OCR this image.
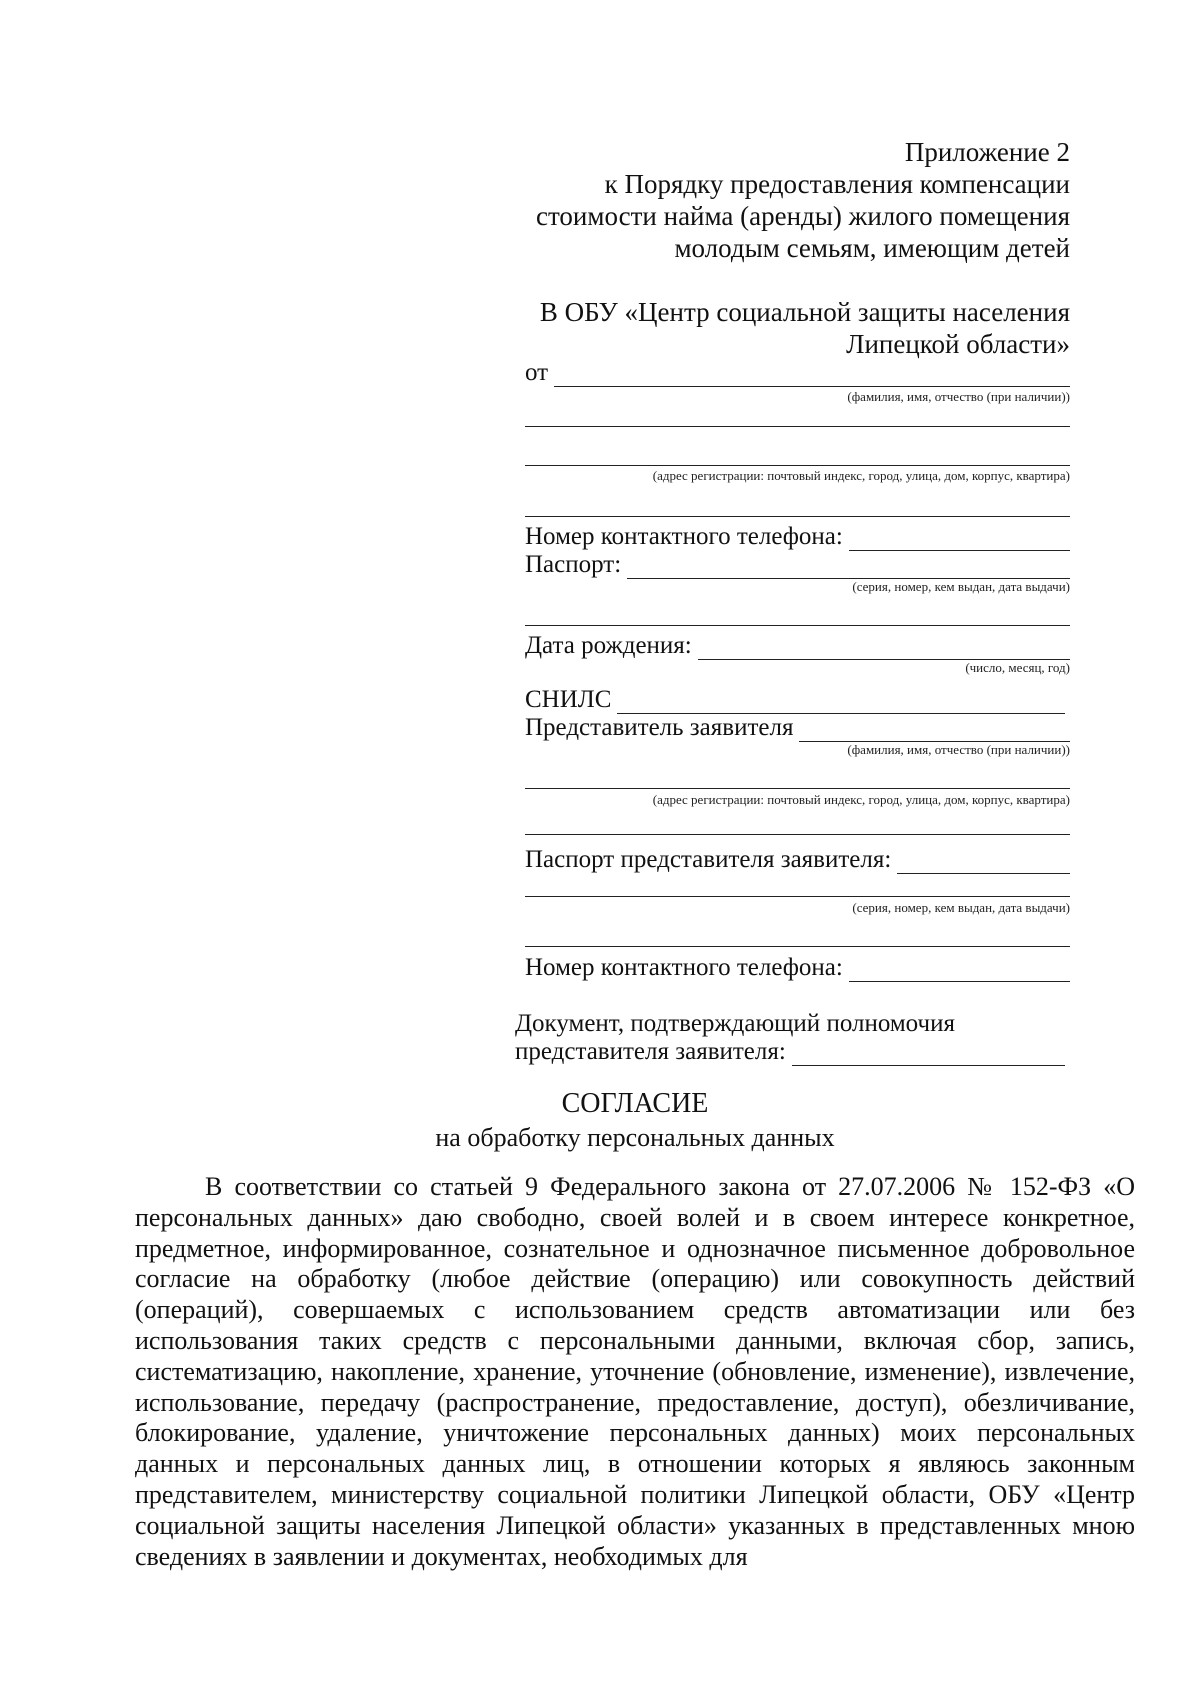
Приложение 2
к Порядку предоставления компенсации
стоимости найма (аренды) жилого помещения
молодым семьям, имеющим детей
В ОБУ «Центр социальной защиты населения
Липецкой области»
от
(фамилия, имя, отчество (при наличии))
(адрес регистрации: почтовый индекс, город, улица, дом, корпус, квартира)
Номер контактного телефона:
Паспорт:
(серия, номер, кем выдан, дата выдачи)
Дата рождения:
(число, месяц, год)
СНИЛС
Представитель заявителя
(фамилия, имя, отчество (при наличии))
(адрес регистрации: почтовый индекс, город, улица, дом, корпус, квартира)
Паспорт представителя заявителя:
(серия, номер, кем выдан, дата выдачи)
Номер контактного телефона:
Документ, подтверждающий полномочия
представителя заявителя:
СОГЛАСИЕ
на обработку персональных данных

В соответствии со статьей 9 Федерального закона от 27.07.2006 № 152-ФЗ «О персональных данных» даю свободно, своей волей и в своем интересе конкретное, предметное, информированное, сознательное и однозначное письменное добровольное согласие на обработку (любое действие (операцию) или совокупность действий (операций), совершаемых с использованием средств автоматизации или без использования таких средств с персональными данными, включая сбор, запись, систематизацию, накопление, хранение, уточнение (обновление, изменение), извлечение, использование, передачу (распространение, предоставление, доступ), обезличивание, блокирование, удаление, уничтожение персональных данных) моих персональных данных и персональных данных лиц, в отношении которых я являюсь законным представителем, министерству социальной политики Липецкой области, ОБУ «Центр социальной защиты населения Липецкой области» указанных в представленных мною сведениях в заявлении и документах, необходимых для
